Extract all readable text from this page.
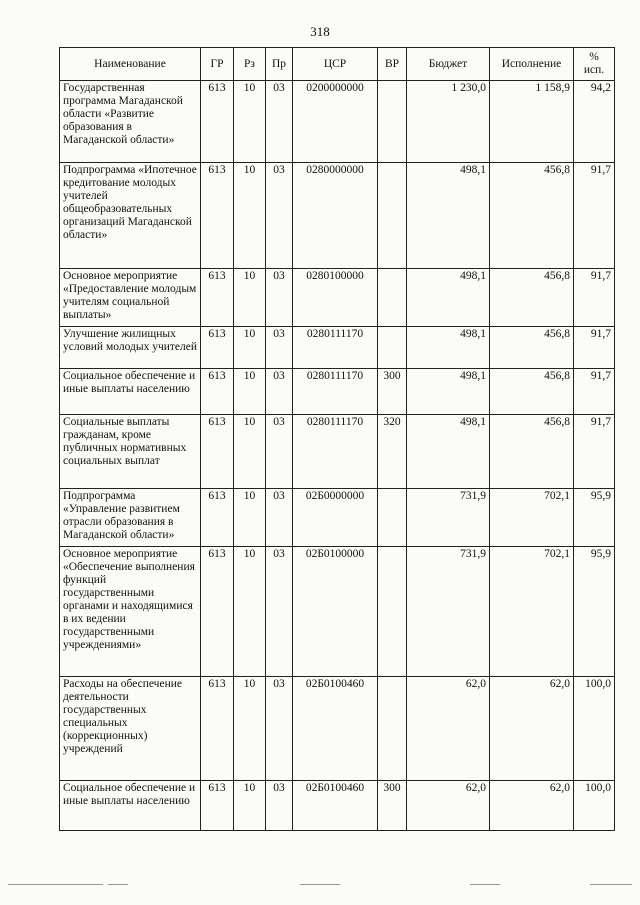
318
Наименование	ГР	Рз	Пр	ЦСР	ВР	Бюджет	Исполнение	%
исп.

Государственная программа Магаданской области «Развитие образования в Магаданской области»	613	10	03	0200000000		1 230,0	1 158,9	94,2
Подпрограмма «Ипотечное кредитование молодых учителей общеобразовательных организаций Магаданской области»	613	10	03	0280000000		498,1	456,8	91,7
Основное мероприятие «Предоставление молодым учителям социальной выплаты»	613	10	03	0280100000		498,1	456,8	91,7
Улучшение жилищных условий молодых учителей	613	10	03	0280111170		498,1	456,8	91,7
Социальное обеспечение и иные выплаты населению	613	10	03	0280111170	300	498,1	456,8	91,7
Социальные выплаты гражданам, кроме публичных нормативных социальных выплат	613	10	03	0280111170	320	498,1	456,8	91,7
Подпрограмма «Управление развитием отрасли образования в Магаданской области»	613	10	03	02Б0000000		731,9	702,1	95,9
Основное мероприятие «Обеспечение выполнения функций государственными органами и находящимися в их ведении государственными учреждениями»	613	10	03	02Б0100000		731,9	702,1	95,9
Расходы на обеспечение деятельности государственных специальных (коррекционных) учреждений	613	10	03	02Б0100460		62,0	62,0	100,0
Социальное обеспечение и иные выплаты населению	613	10	03	02Б0100460	300	62,0	62,0	100,0
